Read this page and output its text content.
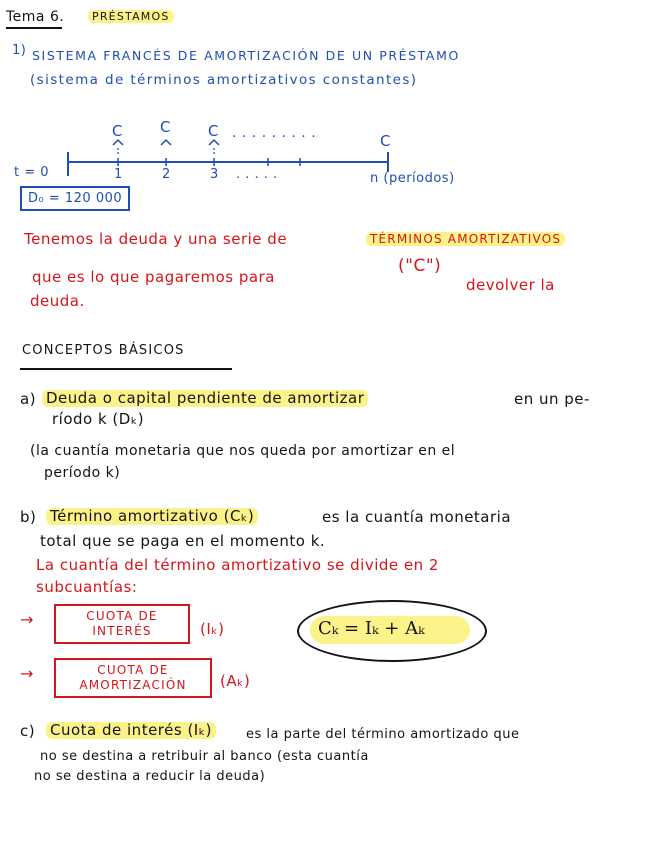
Tema 6.	PRÉSTAMOS
1) SISTEMA FRANCÉS DE AMORTIZACIÓN DE UN PRÉSTAMO
(sistema de términos amortizativos constantes)
C C C . . . . . . . . .	C
t = 0	1	2	3 . . . . .	n (períodos)
D₀ = 120 000
Tenemos la deuda y una serie de	TÉRMINOS AMORTIZATIVOS
("C")
que es lo que pagaremos para	devolver la
deuda.
CONCEPTOS BÁSICOS
a) Deuda o capital pendiente de amortizar	en un pe-
ríodo k (Dₖ)
(la cuantía monetaria que nos queda por amortizar en el
período k)
b) Término amortizativo (Cₖ)	es la cuantía monetaria
total que se paga en el momento k.
La cuantía del término amortizativo se divide en 2
subcuantías:
→	CUOTA DE INTERÉS	(Iₖ)
→	CUOTA DE AMORTIZACIÓN	(Aₖ)
Cₖ = Iₖ + Aₖ
c) Cuota de interés (Iₖ)	es la parte del término amortizado que
no se destina a retribuir al banco (esta cuantía
no se destina a reducir la deuda)
